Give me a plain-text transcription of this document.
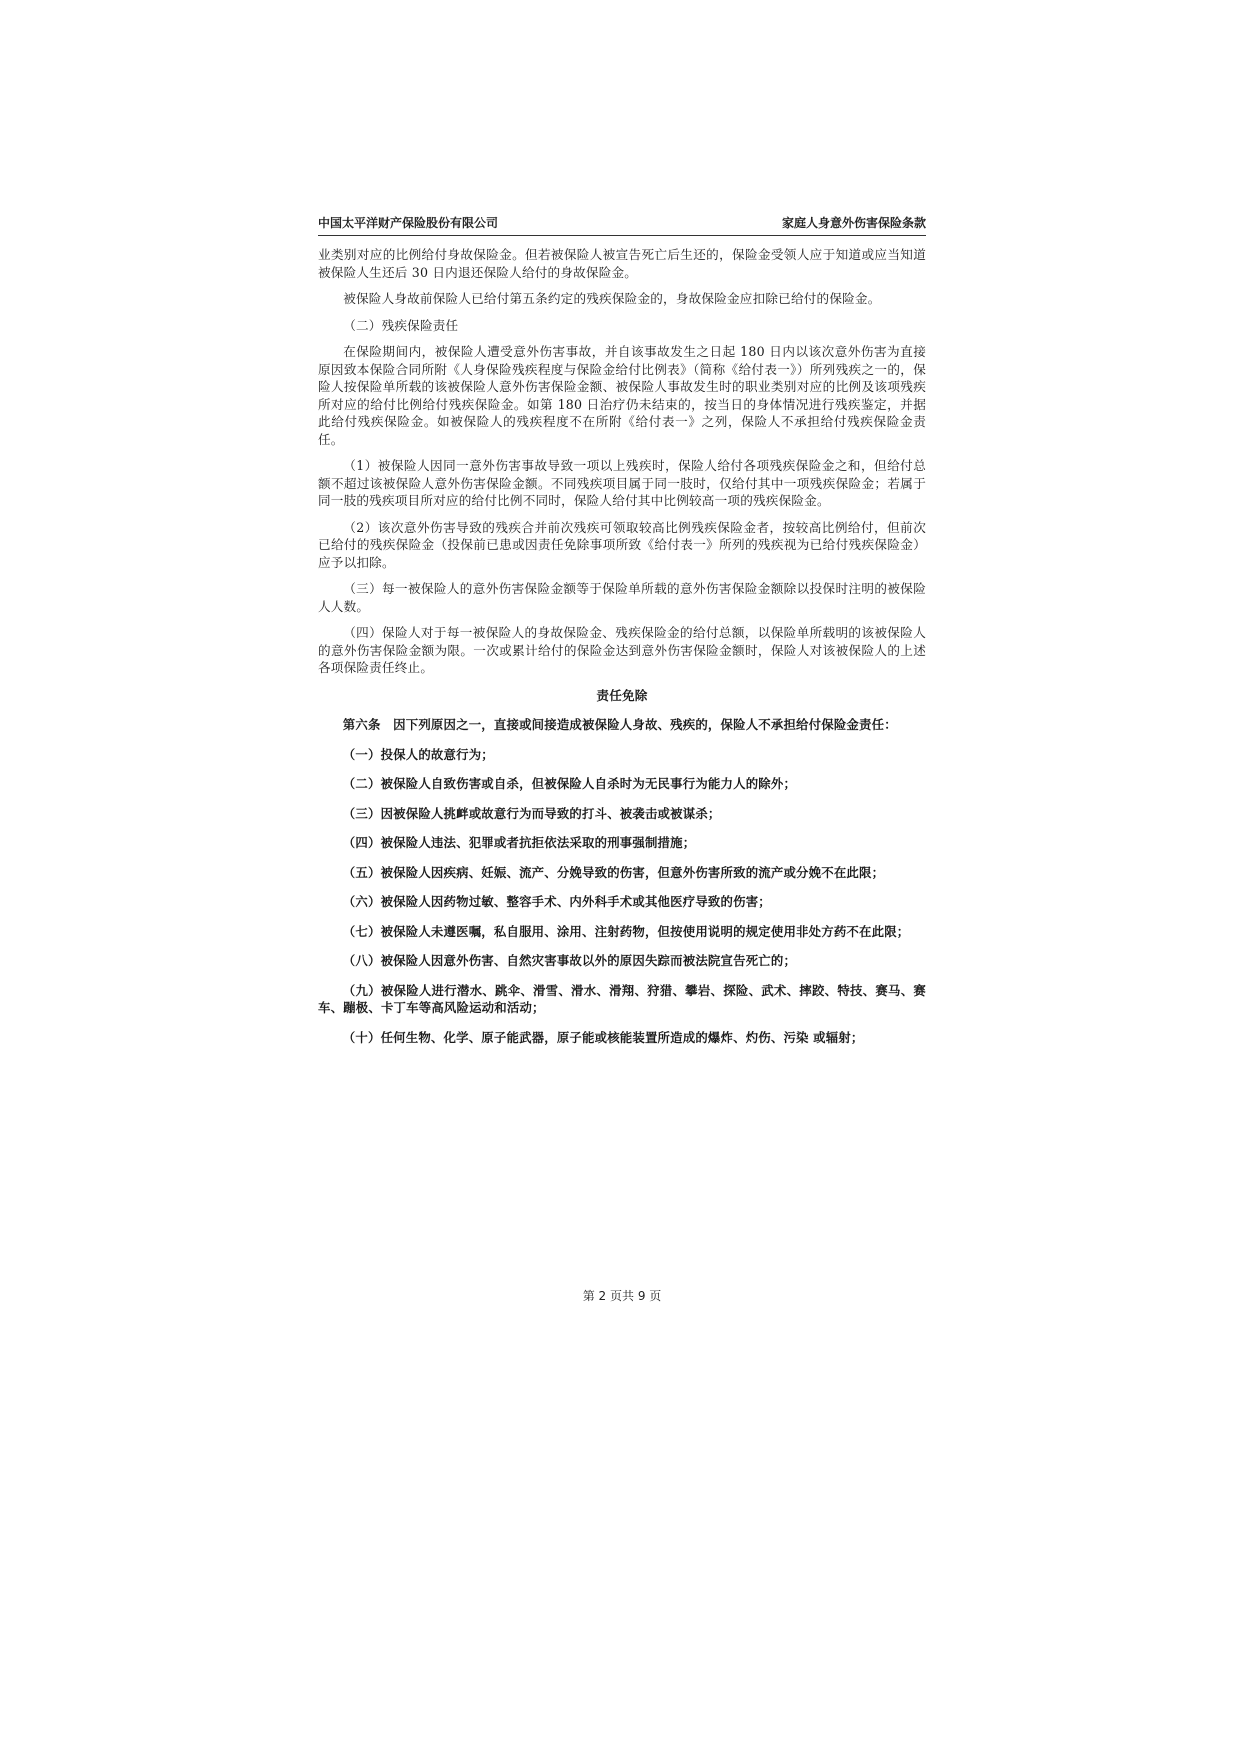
中国太平洋财产保险股份有限公司	家庭人身意外伤害保险条款

业类别对应的比例给付身故保险金。但若被保险人被宣告死亡后生还的，保险金受领人应于知道或应当知道被保险人生还后 30 日内退还保险人给付的身故保险金。

被保险人身故前保险人已给付第五条约定的残疾保险金的，身故保险金应扣除已给付的保险金。

（二）残疾保险责任

在保险期间内，被保险人遭受意外伤害事故，并自该事故发生之日起 180 日内以该次意外伤害为直接原因致本保险合同所附《人身保险残疾程度与保险金给付比例表》（简称《给付表一》）所列残疾之一的，保险人按保险单所载的该被保险人意外伤害保险金额、被保险人事故发生时的职业类别对应的比例及该项残疾所对应的给付比例给付残疾保险金。如第 180 日治疗仍未结束的，按当日的身体情况进行残疾鉴定，并据此给付残疾保险金。如被保险人的残疾程度不在所附《给付表一》之列，保险人不承担给付残疾保险金责任。

（1）被保险人因同一意外伤害事故导致一项以上残疾时，保险人给付各项残疾保险金之和，但给付总额不超过该被保险人意外伤害保险金额。不同残疾项目属于同一肢时，仅给付其中一项残疾保险金；若属于同一肢的残疾项目所对应的给付比例不同时，保险人给付其中比例较高一项的残疾保险金。

（2）该次意外伤害导致的残疾合并前次残疾可领取较高比例残疾保险金者，按较高比例给付，但前次已给付的残疾保险金（投保前已患或因责任免除事项所致《给付表一》所列的残疾视为已给付残疾保险金）应予以扣除。

（三）每一被保险人的意外伤害保险金额等于保险单所载的意外伤害保险金额除以投保时注明的被保险人人数。

（四）保险人对于每一被保险人的身故保险金、残疾保险金的给付总额，以保险单所载明的该被保险人的意外伤害保险金额为限。一次或累计给付的保险金达到意外伤害保险金额时，保险人对该被保险人的上述各项保险责任终止。

责任免除

第六条　因下列原因之一，直接或间接造成被保险人身故、残疾的，保险人不承担给付保险金责任：

（一）投保人的故意行为；

（二）被保险人自致伤害或自杀，但被保险人自杀时为无民事行为能力人的除外；

（三）因被保险人挑衅或故意行为而导致的打斗、被袭击或被谋杀；

（四）被保险人违法、犯罪或者抗拒依法采取的刑事强制措施；

（五）被保险人因疾病、妊娠、流产、分娩导致的伤害，但意外伤害所致的流产或分娩不在此限；

（六）被保险人因药物过敏、整容手术、内外科手术或其他医疗导致的伤害；

（七）被保险人未遵医嘱，私自服用、涂用、注射药物，但按使用说明的规定使用非处方药不在此限；

（八）被保险人因意外伤害、自然灾害事故以外的原因失踪而被法院宣告死亡的；

（九）被保险人进行潜水、跳伞、滑雪、滑水、滑翔、狩猎、攀岩、探险、武术、摔跤、特技、赛马、赛车、蹦极、卡丁车等高风险运动和活动；

（十）任何生物、化学、原子能武器，原子能或核能装置所造成的爆炸、灼伤、污染 或辐射；

第 2 页共 9 页
